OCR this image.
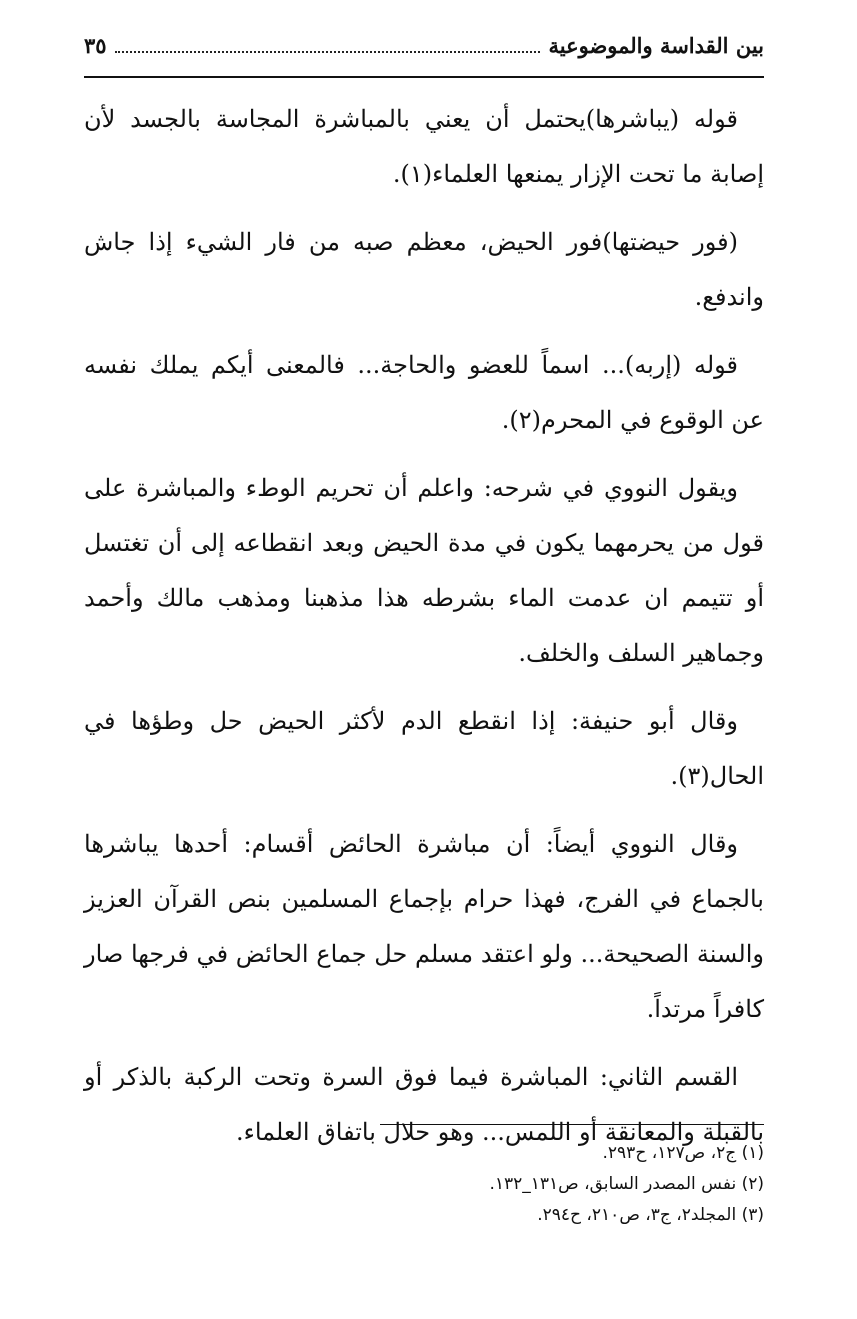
بين القداسة والموضوعية
٣٥

قوله (يباشرها)يحتمل أن يعني بالمباشرة المجاسة بالجسد لأن إصابة ما تحت الإزار يمنعها العلماء(١).

(فور حيضتها)فور الحيض، معظم صبه من فار الشيء إذا جاش واندفع.

قوله (إربه)... اسماً للعضو والحاجة... فالمعنى أيكم يملك نفسه عن الوقوع في المحرم(٢).

ويقول النووي في شرحه: واعلم أن تحريم الوطء والمباشرة على قول من يحرمهما يكون في مدة الحيض وبعد انقطاعه إلى أن تغتسل أو تتيمم ان عدمت الماء بشرطه هذا مذهبنا ومذهب مالك وأحمد وجماهير السلف والخلف.

وقال أبو حنيفة: إذا انقطع الدم لأكثر الحيض حل وطؤها في الحال(٣).

وقال النووي أيضاً: أن مباشرة الحائض أقسام: أحدها يباشرها بالجماع في الفرج، فهذا حرام بإجماع المسلمين بنص القرآن العزيز والسنة الصحيحة... ولو اعتقد مسلم حل جماع الحائض في فرجها صار كافراً مرتداً.

القسم الثاني: المباشرة فيما فوق السرة وتحت الركبة بالذكر أو بالقبلة والمعانقة أو اللمس... وهو حلال باتفاق العلماء.

(١) ج٢، ص١٢٧، ح٢٩٣.
(٢) نفس المصدر السابق، ص١٣١_١٣٢.
(٣) المجلد٢، ج٣، ص٢١٠، ح٢٩٤.
